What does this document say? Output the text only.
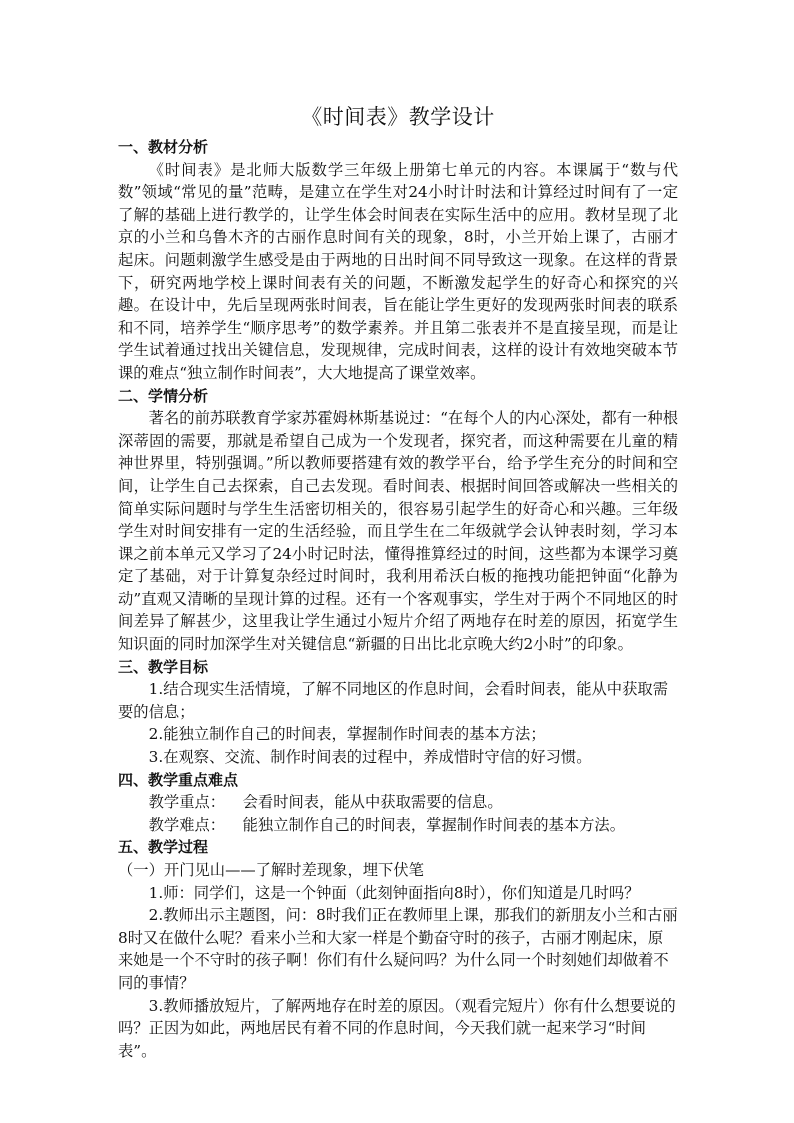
《时间表》教学设计
一、教材分析
《时间表》是北师大版数学三年级上册第七单元的内容。本课属于“数与代数”领域“常见的量”范畴，是建立在学生对24小时计时法和计算经过时间有了一定了解的基础上进行教学的，让学生体会时间表在实际生活中的应用。教材呈现了北京的小兰和乌鲁木齐的古丽作息时间有关的现象，8时，小兰开始上课了，古丽才起床。问题刺激学生感受是由于两地的日出时间不同导致这一现象。在这样的背景下，研究两地学校上课时间表有关的问题，不断激发起学生的好奇心和探究的兴趣。在设计中，先后呈现两张时间表，旨在能让学生更好的发现两张时间表的联系和不同，培养学生“顺序思考”的数学素养。并且第二张表并不是直接呈现，而是让学生试着通过找出关键信息，发现规律，完成时间表，这样的设计有效地突破本节课的难点“独立制作时间表”，大大地提高了课堂效率。
二、学情分析
著名的前苏联教育学家苏霍姆林斯基说过：“在每个人的内心深处，都有一种根深蒂固的需要，那就是希望自己成为一个发现者，探究者，而这种需要在儿童的精神世界里，特别强调。”所以教师要搭建有效的教学平台，给予学生充分的时间和空间，让学生自己去探索，自己去发现。看时间表、根据时间回答或解决一些相关的简单实际问题时与学生生活密切相关的，很容易引起学生的好奇心和兴趣。三年级学生对时间安排有一定的生活经验，而且学生在二年级就学会认钟表时刻，学习本课之前本单元又学习了24小时记时法，懂得推算经过的时间，这些都为本课学习奠定了基础，对于计算复杂经过时间时，我利用希沃白板的拖拽功能把钟面“化静为动”直观又清晰的呈现计算的过程。还有一个客观事实，学生对于两个不同地区的时间差异了解甚少，这里我让学生通过小短片介绍了两地存在时差的原因，拓宽学生知识面的同时加深学生对关键信息“新疆的日出比北京晚大约2小时”的印象。
三、教学目标
1.结合现实生活情境，了解不同地区的作息时间，会看时间表，能从中获取需要的信息；
2.能独立制作自己的时间表，掌握制作时间表的基本方法；
3.在观察、交流、制作时间表的过程中，养成惜时守信的好习惯。
四、教学重点难点
教学重点： 会看时间表，能从中获取需要的信息。
教学难点： 能独立制作自己的时间表，掌握制作时间表的基本方法。
五、教学过程
（一）开门见山——了解时差现象，埋下伏笔
1.师：同学们，这是一个钟面（此刻钟面指向8时），你们知道是几时吗？
2.教师出示主题图，问：8时我们正在教师里上课，那我们的新朋友小兰和古丽8时又在做什么呢？看来小兰和大家一样是个勤奋守时的孩子，古丽才刚起床，原来她是一个不守时的孩子啊！你们有什么疑问吗？为什么同一个时刻她们却做着不同的事情？
3.教师播放短片，了解两地存在时差的原因。（观看完短片）你有什么想要说的吗？正因为如此，两地居民有着不同的作息时间，今天我们就一起来学习“时间表”。
